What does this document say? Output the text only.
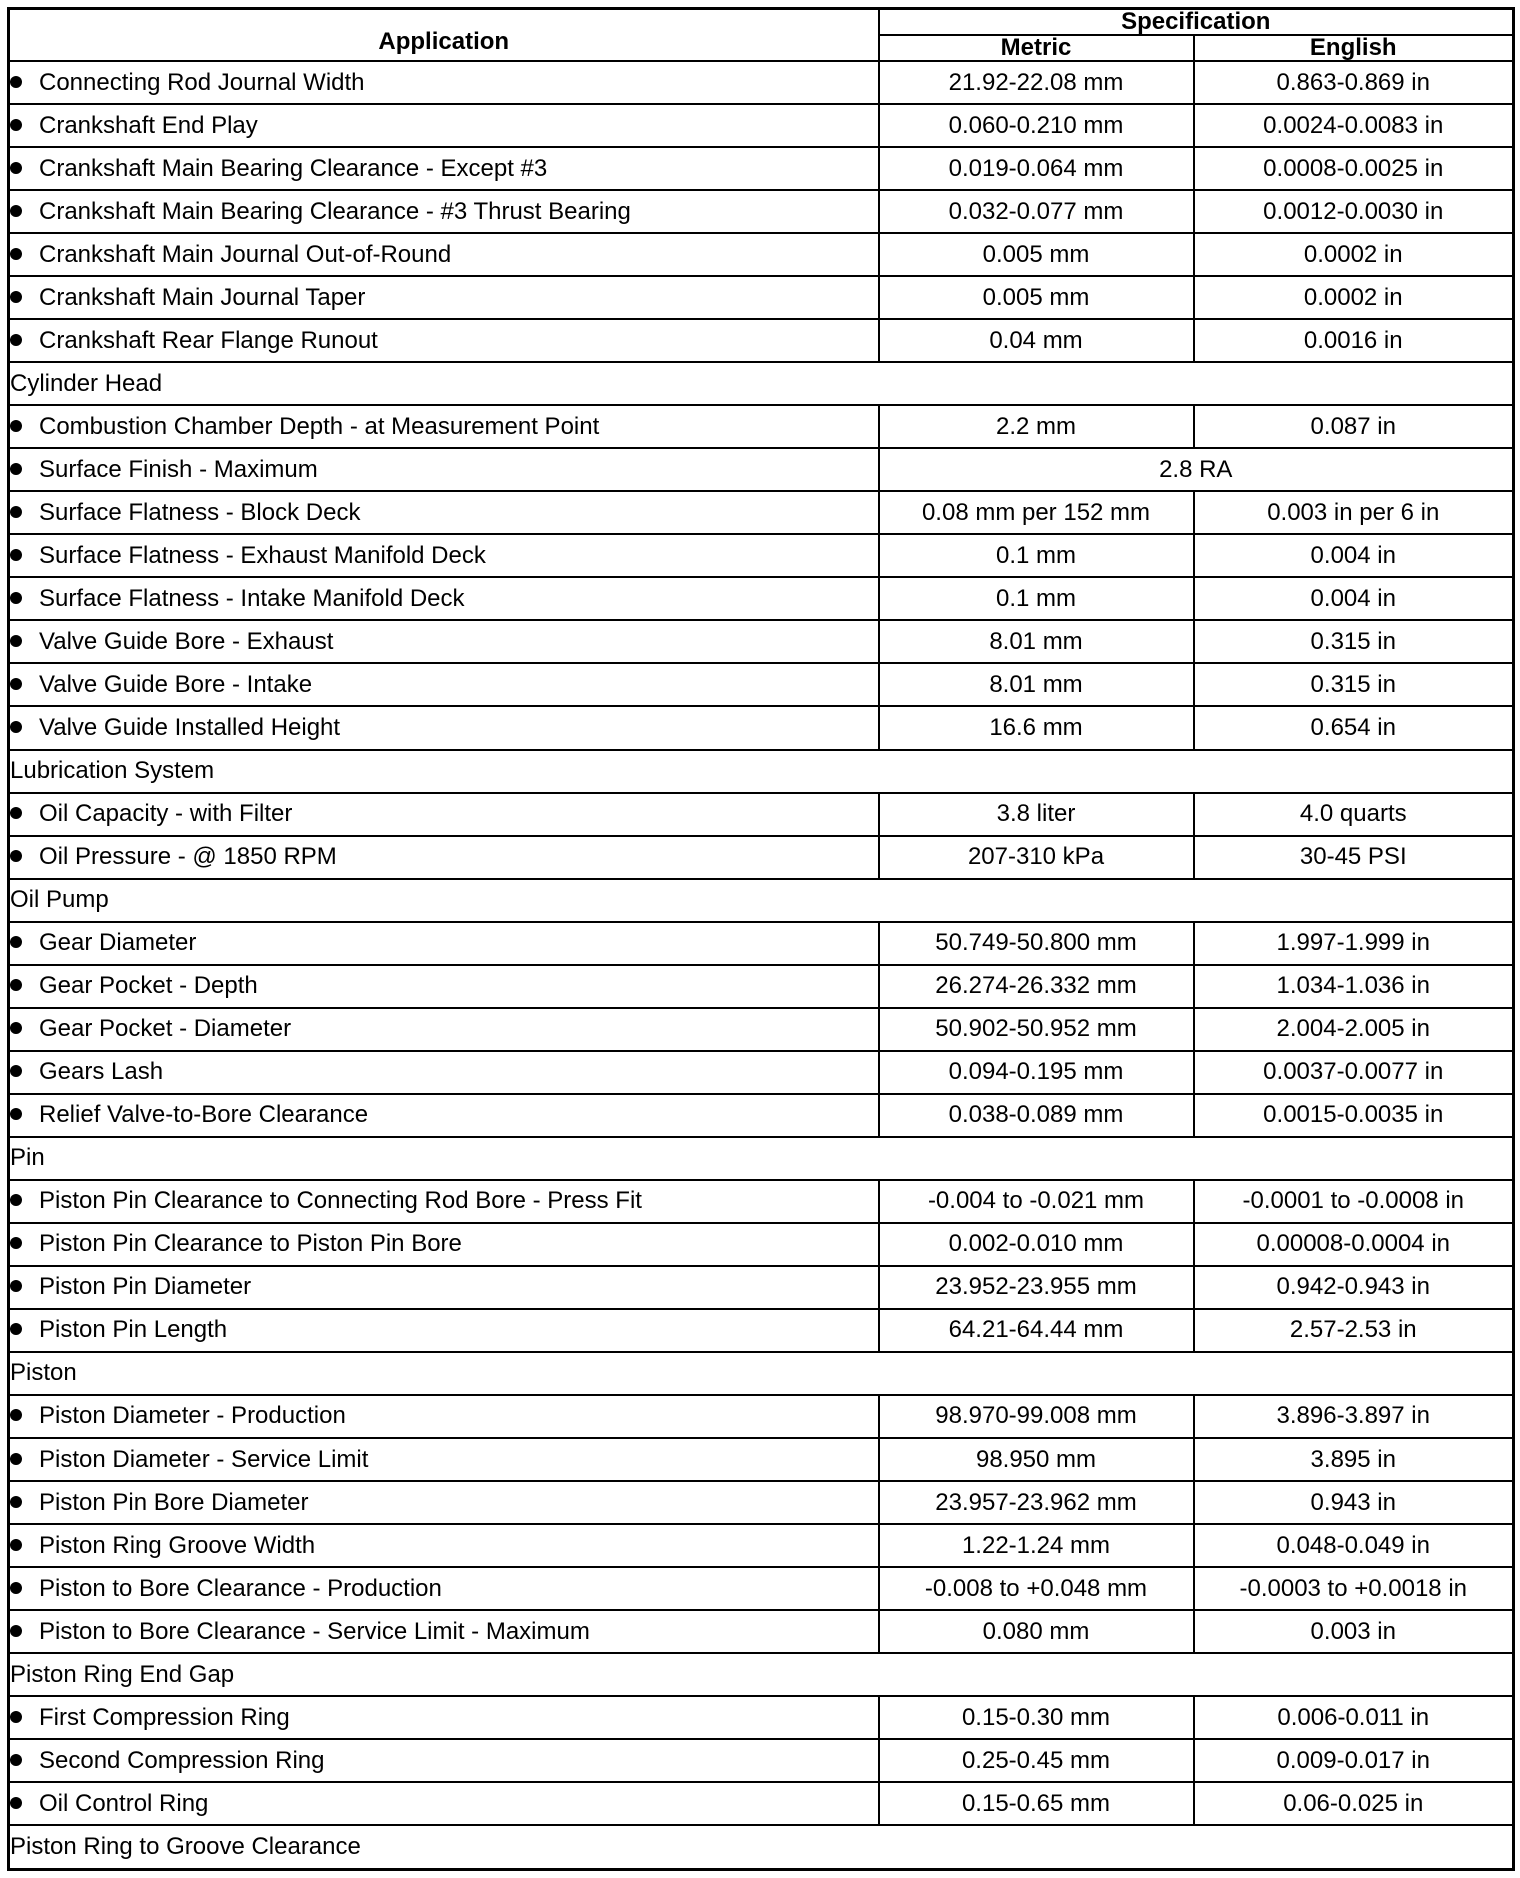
Application	Specification	
	Metric	English
Connecting Rod Journal Width	21.92-22.08 mm	0.863-0.869 in
Crankshaft End Play	0.060-0.210 mm	0.0024-0.0083 in
Crankshaft Main Bearing Clearance - Except #3	0.019-0.064 mm	0.0008-0.0025 in
Crankshaft Main Bearing Clearance - #3 Thrust Bearing	0.032-0.077 mm	0.0012-0.0030 in
Crankshaft Main Journal Out-of-Round	0.005 mm	0.0002 in
Crankshaft Main Journal Taper	0.005 mm	0.0002 in
Crankshaft Rear Flange Runout	0.04 mm	0.0016 in
Cylinder Head		
Combustion Chamber Depth - at Measurement Point	2.2 mm	0.087 in
Surface Finish - Maximum	2.8 RA	
Surface Flatness - Block Deck	0.08 mm per 152 mm	0.003 in per 6 in
Surface Flatness - Exhaust Manifold Deck	0.1 mm	0.004 in
Surface Flatness - Intake Manifold Deck	0.1 mm	0.004 in
Valve Guide Bore - Exhaust	8.01 mm	0.315 in
Valve Guide Bore - Intake	8.01 mm	0.315 in
Valve Guide Installed Height	16.6 mm	0.654 in
Lubrication System		
Oil Capacity - with Filter	3.8 liter	4.0 quarts
Oil Pressure - @ 1850 RPM	207-310 kPa	30-45 PSI
Oil Pump		
Gear Diameter	50.749-50.800 mm	1.997-1.999 in
Gear Pocket - Depth	26.274-26.332 mm	1.034-1.036 in
Gear Pocket - Diameter	50.902-50.952 mm	2.004-2.005 in
Gears Lash	0.094-0.195 mm	0.0037-0.0077 in
Relief Valve-to-Bore Clearance	0.038-0.089 mm	0.0015-0.0035 in
Pin		
Piston Pin Clearance to Connecting Rod Bore - Press Fit	-0.004 to -0.021 mm	-0.0001 to -0.0008 in
Piston Pin Clearance to Piston Pin Bore	0.002-0.010 mm	0.00008-0.0004 in
Piston Pin Diameter	23.952-23.955 mm	0.942-0.943 in
Piston Pin Length	64.21-64.44 mm	2.57-2.53 in
Piston		
Piston Diameter - Production	98.970-99.008 mm	3.896-3.897 in
Piston Diameter - Service Limit	98.950 mm	3.895 in
Piston Pin Bore Diameter	23.957-23.962 mm	0.943 in
Piston Ring Groove Width	1.22-1.24 mm	0.048-0.049 in
Piston to Bore Clearance - Production	-0.008 to +0.048 mm	-0.0003 to +0.0018 in
Piston to Bore Clearance - Service Limit - Maximum	0.080 mm	0.003 in
Piston Ring End Gap		
First Compression Ring	0.15-0.30 mm	0.006-0.011 in
Second Compression Ring	0.25-0.45 mm	0.009-0.017 in
Oil Control Ring	0.15-0.65 mm	0.06-0.025 in
Piston Ring to Groove Clearance		
